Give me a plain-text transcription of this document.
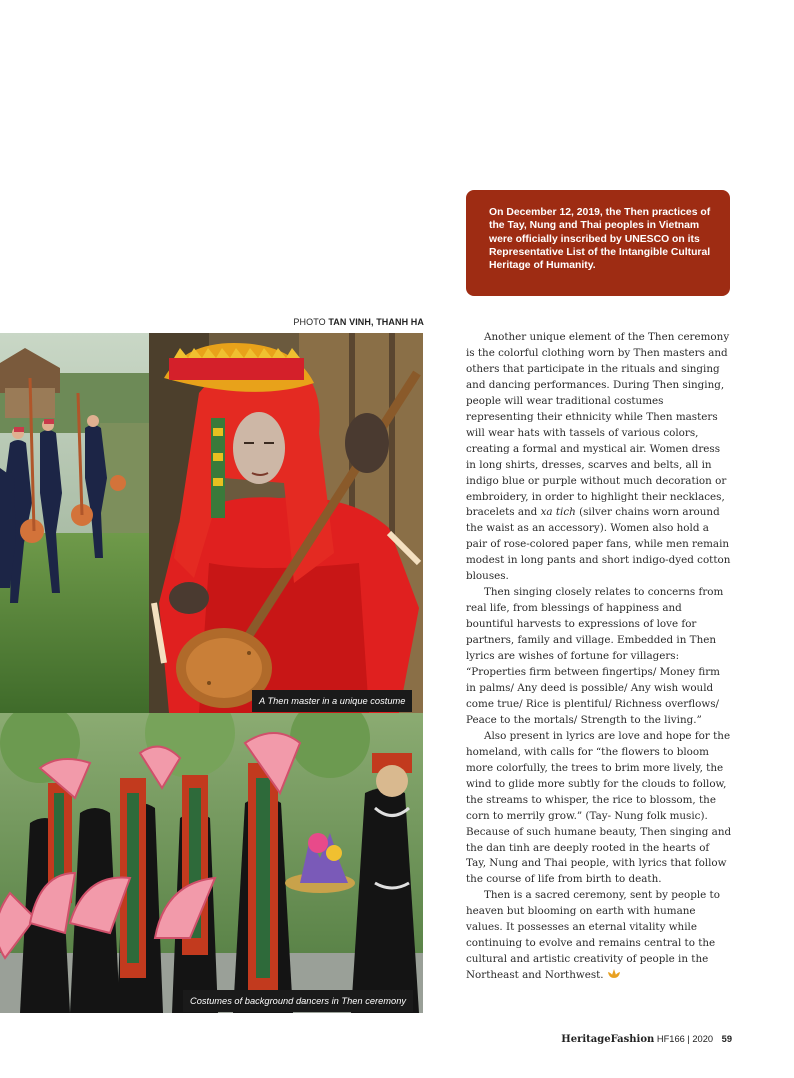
On December 12, 2019, the Then practices of the Tay, Nung and Thai peoples in Vietnam were officially inscribed by UNESCO on its Representative List of the Intangible Cultural Heritage of Humanity.

PHOTO TAN VINH, THANH HA
A Then master in a unique costume
Costumes of background dancers in Then ceremony

Another unique element of the Then ceremony is the colorful clothing worn by Then masters and others that participate in the rituals and singing and dancing performances. During Then singing, people will wear traditional costumes representing their ethnicity while Then masters will wear hats with tassels of various colors, creating a formal and mystical air. Women dress in long shirts, dresses, scarves and belts, all in indigo blue or purple without much decoration or embroidery, in order to highlight their necklaces, bracelets and xa tich (silver chains worn around the waist as an accessory). Women also hold a pair of rose-colored paper fans, while men remain modest in long pants and short indigo-dyed cotton blouses.

Then singing closely relates to concerns from real life, from blessings of happiness and bountiful harvests to expressions of love for partners, family and village. Embedded in Then lyrics are wishes of fortune for villagers: “Properties firm between fingertips/ Money firm in palms/ Any deed is possible/ Any wish would come true/ Rice is plentiful/ Richness overflows/ Peace to the mortals/ Strength to the living.”

Also present in lyrics are love and hope for the homeland, with calls for “the flowers to bloom more colorfully, the trees to brim more lively, the wind to glide more subtly for the clouds to follow, the streams to whisper, the rice to blossom, the corn to merrily grow.” (Tay- Nung folk music). Because of such humane beauty, Then singing and the dan tinh are deeply rooted in the hearts of Tay, Nung and Thai people, with lyrics that follow the course of life from birth to death.

Then is a sacred ceremony, sent by people to heaven but blooming on earth with humane values. It possesses an eternal vitality while continuing to evolve and remains central to the cultural and artistic creativity of people in the Northeast and Northwest.

HeritageFashion HF166 | 2020 59
